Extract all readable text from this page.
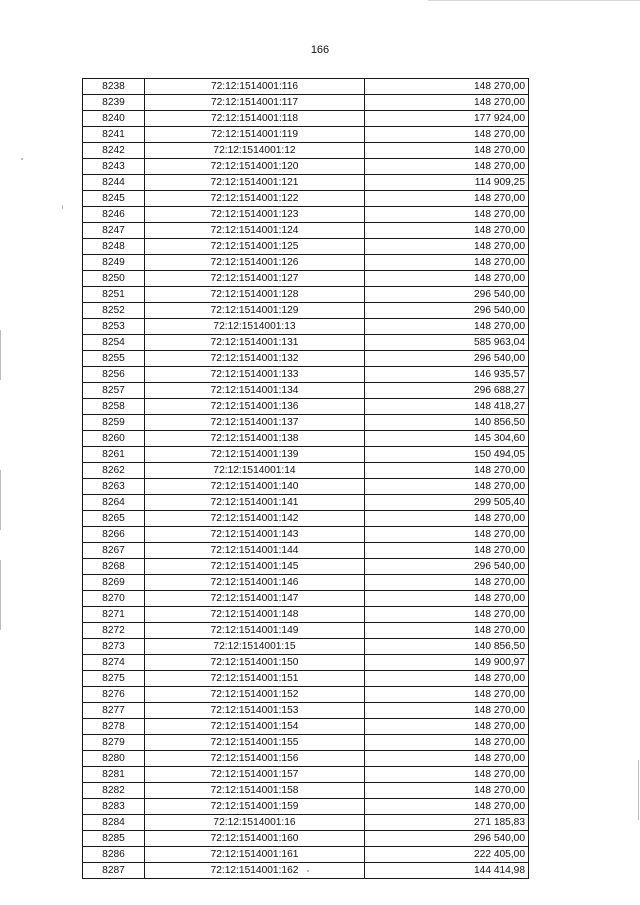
166
8238	72:12:1514001:116	148 270,00
8239	72:12:1514001:117	148 270,00
8240	72:12:1514001:118	177 924,00
8241	72:12:1514001:119	148 270,00
8242	72:12:1514001:12	148 270,00
8243	72:12:1514001:120	148 270,00
8244	72:12:1514001:121	114 909,25
8245	72:12:1514001:122	148 270,00
8246	72:12:1514001:123	148 270,00
8247	72:12:1514001:124	148 270,00
8248	72:12:1514001:125	148 270,00
8249	72:12:1514001:126	148 270,00
8250	72:12:1514001:127	148 270,00
8251	72:12:1514001:128	296 540,00
8252	72:12:1514001:129	296 540,00
8253	72:12:1514001:13	148 270,00
8254	72:12:1514001:131	585 963,04
8255	72:12:1514001:132	296 540,00
8256	72:12:1514001:133	146 935,57
8257	72:12:1514001:134	296 688,27
8258	72:12:1514001:136	148 418,27
8259	72:12:1514001:137	140 856,50
8260	72:12:1514001:138	145 304,60
8261	72:12:1514001:139	150 494,05
8262	72:12:1514001:14	148 270,00
8263	72:12:1514001:140	148 270,00
8264	72:12:1514001:141	299 505,40
8265	72:12:1514001:142	148 270,00
8266	72:12:1514001:143	148 270,00
8267	72:12:1514001:144	148 270,00
8268	72:12:1514001:145	296 540,00
8269	72:12:1514001:146	148 270,00
8270	72:12:1514001:147	148 270,00
8271	72:12:1514001:148	148 270,00
8272	72:12:1514001:149	148 270,00
8273	72:12:1514001:15	140 856,50
8274	72:12:1514001:150	149 900,97
8275	72:12:1514001:151	148 270,00
8276	72:12:1514001:152	148 270,00
8277	72:12:1514001:153	148 270,00
8278	72:12:1514001:154	148 270,00
8279	72:12:1514001:155	148 270,00
8280	72:12:1514001:156	148 270,00
8281	72:12:1514001:157	148 270,00
8282	72:12:1514001:158	148 270,00
8283	72:12:1514001:159	148 270,00
8284	72:12:1514001:16	271 185,83
8285	72:12:1514001:160	296 540,00
8286	72:12:1514001:161	222 405,00
8287	72:12:1514001:162	144 414,98
